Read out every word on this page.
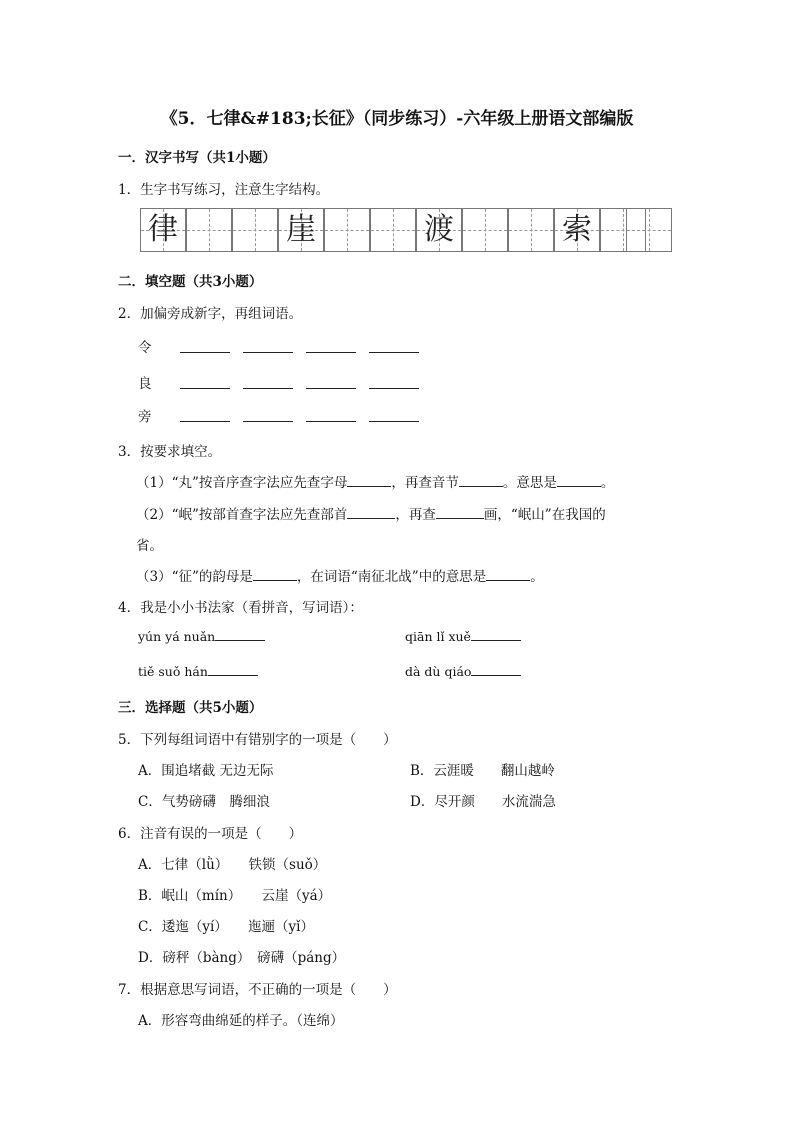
《5．七律&#183;长征》（同步练习）-六年级上册语文部编版
一．汉字书写（共1小题）
1．生字书写练习，注意生字结构。
律	崖	渡	索
二．填空题（共3小题）
2．加偏旁成新字，再组词语。
令
良
旁
3．按要求填空。
（1）“丸”按音序查字法应先查字母	，再查音节	。意思是	。
（2）“岷”按部首查字法应先查部首	，再查	画，“岷山”在我国的
省。
（3）“征”的韵母是	，在词语“南征北战”中的意思是	。
4．我是小小书法家（看拼音，写词语）：
yún yá nuǎn	qiān lǐ xuě
tiě suǒ hán	dà dù qiáo
三．选择题（共5小题）
5．下列每组词语中有错别字的一项是（　　）
A．围追堵截 无边无际	B．云涯暖　　翻山越岭
C．气势磅礴　腾细浪	D．尽开颜　　水流湍急
6．注音有误的一项是（　　）
A．七律（lǜ）　　铁锁（suǒ）
B．岷山（mín）　　云崖（yá）
C．逶迤（yí）　　迤逦（yǐ）
D．磅秤（bàng）　磅礴（páng）
7．根据意思写词语，不正确的一项是（　　）
A．形容弯曲绵延的样子。（连绵）
